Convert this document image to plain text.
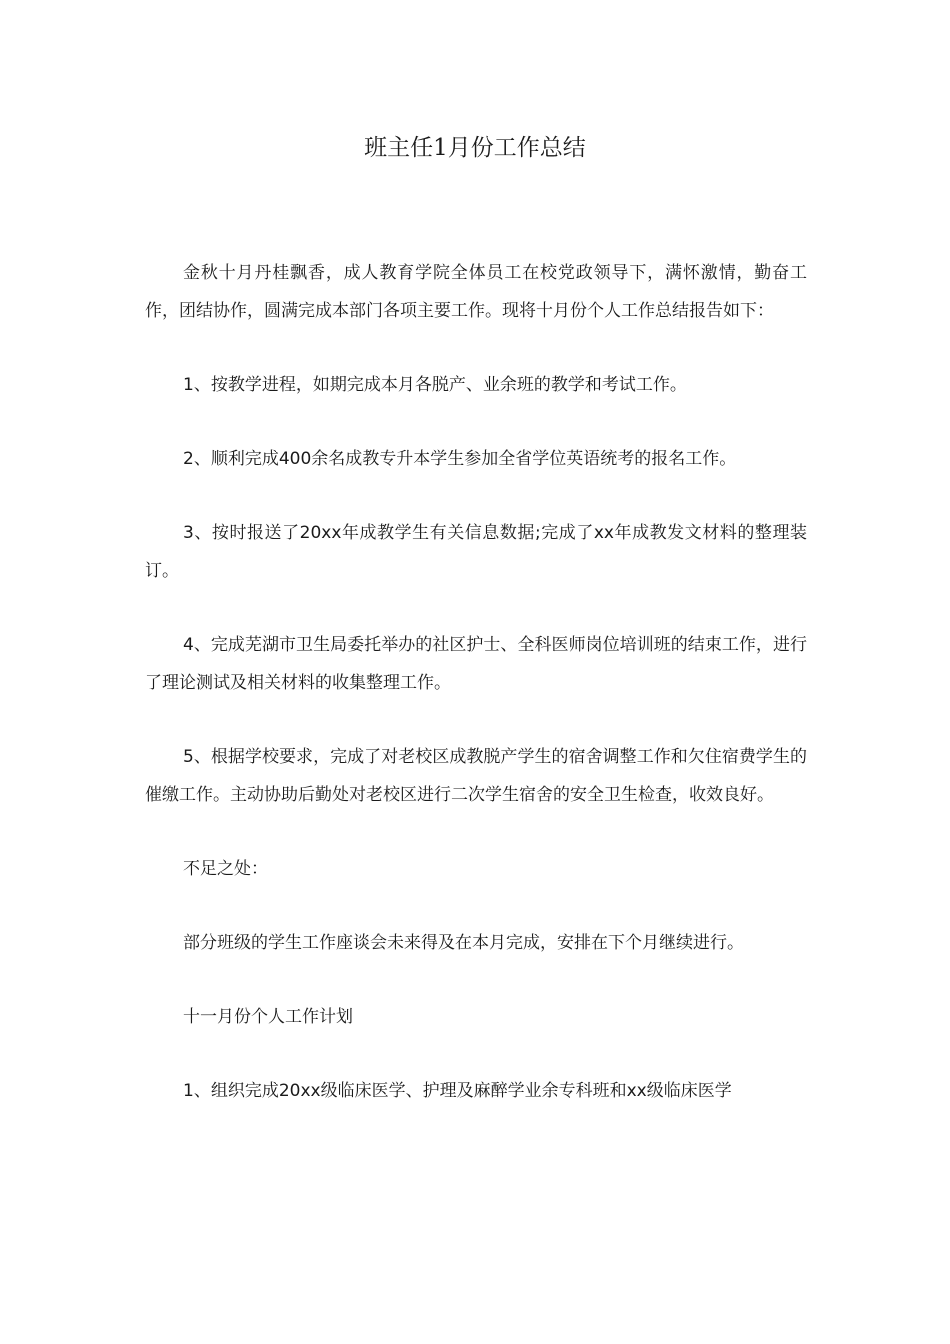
班主任1月份工作总结

金秋十月丹桂飘香，成人教育学院全体员工在校党政领导下，满怀激情，勤奋工作，团结协作，圆满完成本部门各项主要工作。现将十月份个人工作总结报告如下：

1、按教学进程，如期完成本月各脱产、业余班的教学和考试工作。

2、顺利完成400余名成教专升本学生参加全省学位英语统考的报名工作。

3、按时报送了20xx年成教学生有关信息数据;完成了xx年成教发文材料的整理装订。

4、完成芜湖市卫生局委托举办的社区护士、全科医师岗位培训班的结束工作，进行了理论测试及相关材料的收集整理工作。

5、根据学校要求，完成了对老校区成教脱产学生的宿舍调整工作和欠住宿费学生的催缴工作。主动协助后勤处对老校区进行二次学生宿舍的安全卫生检查，收效良好。

不足之处：

部分班级的学生工作座谈会未来得及在本月完成，安排在下个月继续进行。

十一月份个人工作计划

1、组织完成20xx级临床医学、护理及麻醉学业余专科班和xx级临床医学
